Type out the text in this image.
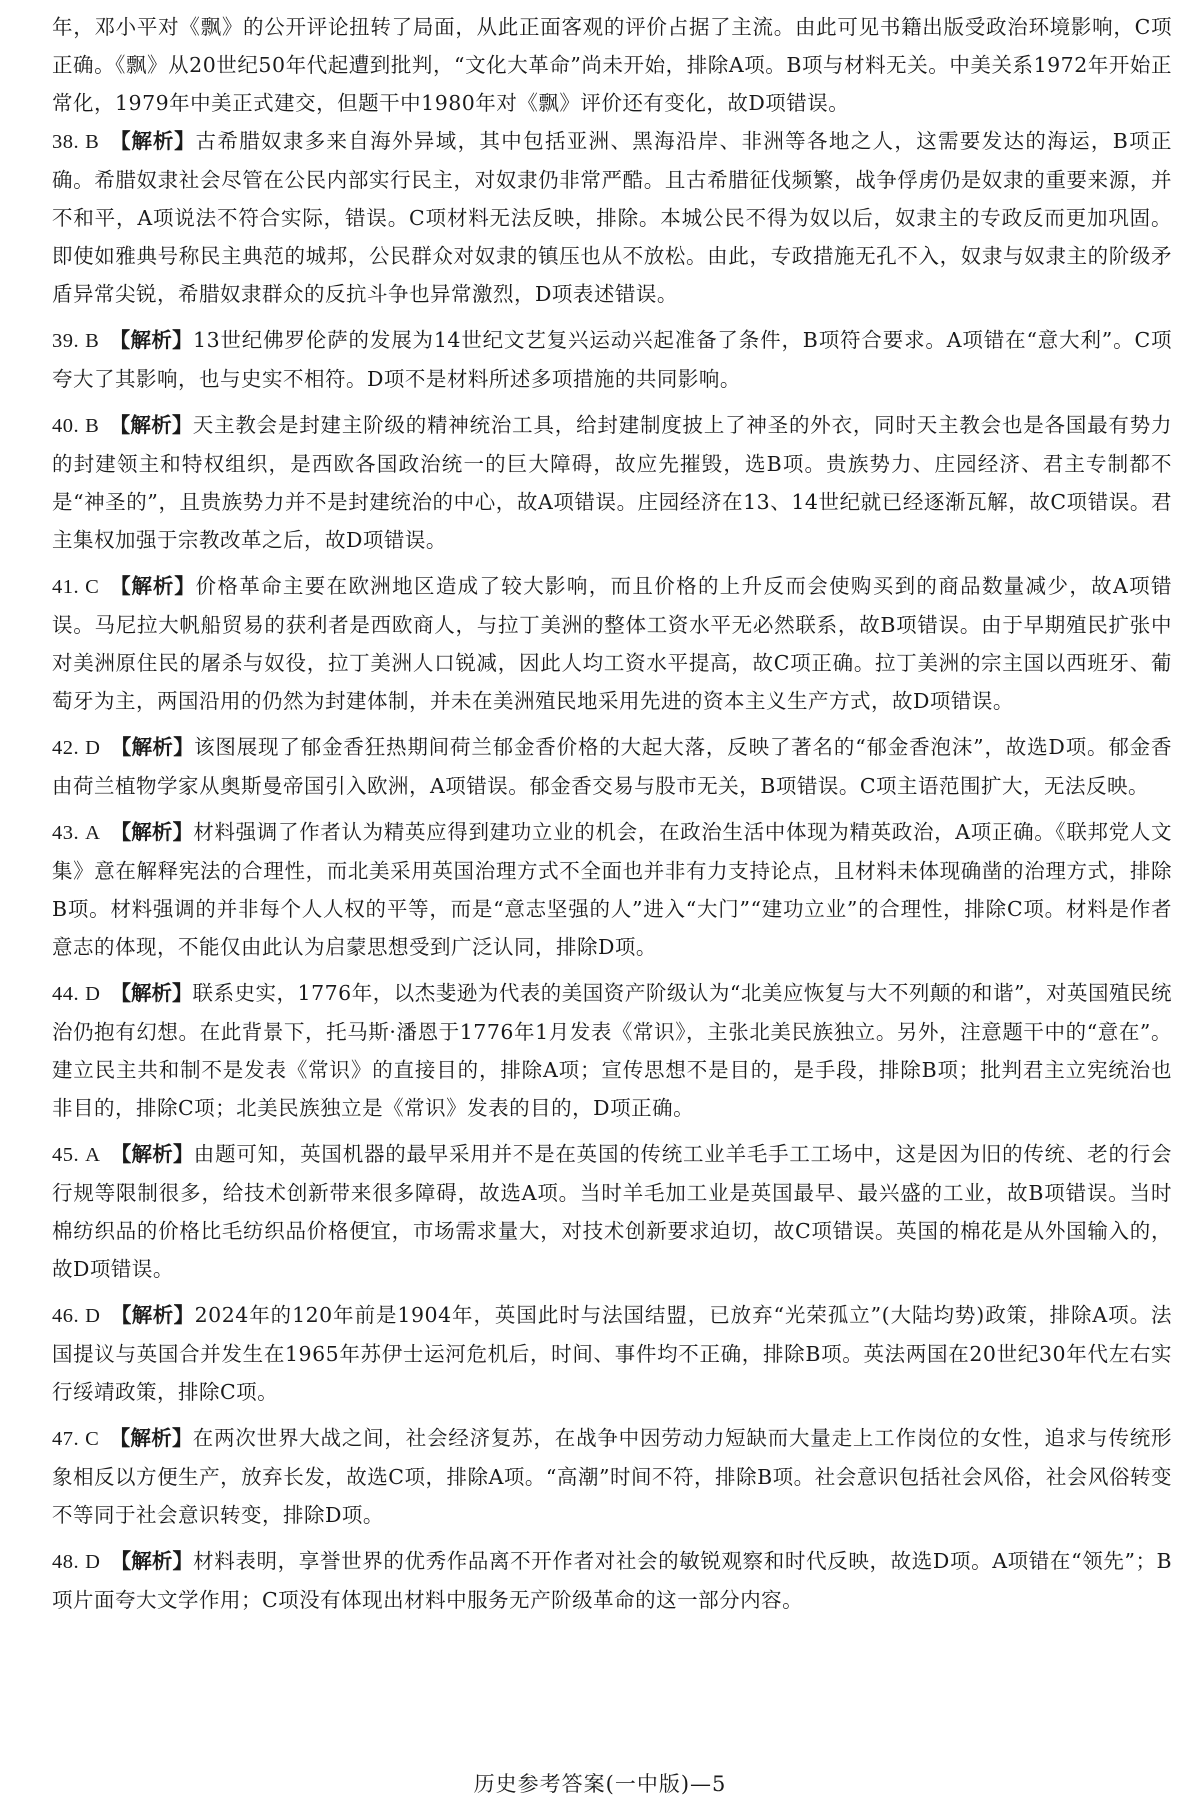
年，邓小平对《飘》的公开评论扭转了局面，从此正面客观的评价占据了主流。由此可见书籍出版受政治环境影响，C项正确。《飘》从20世纪50年代起遭到批判，“文化大革命”尚未开始，排除A项。B项与材料无关。中美关系1972年开始正常化，1979年中美正式建交，但题干中1980年对《飘》评价还有变化，故D项错误。

38. B 【解析】古希腊奴隶多来自海外异域，其中包括亚洲、黑海沿岸、非洲等各地之人，这需要发达的海运，B项正确。希腊奴隶社会尽管在公民内部实行民主，对奴隶仍非常严酷。且古希腊征伐频繁，战争俘虏仍是奴隶的重要来源，并不和平，A项说法不符合实际，错误。C项材料无法反映，排除。本城公民不得为奴以后，奴隶主的专政反而更加巩固。即使如雅典号称民主典范的城邦，公民群众对奴隶的镇压也从不放松。由此，专政措施无孔不入，奴隶与奴隶主的阶级矛盾异常尖锐，希腊奴隶群众的反抗斗争也异常激烈，D项表述错误。

39. B 【解析】13世纪佛罗伦萨的发展为14世纪文艺复兴运动兴起准备了条件，B项符合要求。A项错在“意大利”。C项夸大了其影响，也与史实不相符。D项不是材料所述多项措施的共同影响。

40. B 【解析】天主教会是封建主阶级的精神统治工具，给封建制度披上了神圣的外衣，同时天主教会也是各国最有势力的封建领主和特权组织，是西欧各国政治统一的巨大障碍，故应先摧毁，选B项。贵族势力、庄园经济、君主专制都不是“神圣的”，且贵族势力并不是封建统治的中心，故A项错误。庄园经济在13、14世纪就已经逐渐瓦解，故C项错误。君主集权加强于宗教改革之后，故D项错误。

41. C 【解析】价格革命主要在欧洲地区造成了较大影响，而且价格的上升反而会使购买到的商品数量减少，故A项错误。马尼拉大帆船贸易的获利者是西欧商人，与拉丁美洲的整体工资水平无必然联系，故B项错误。由于早期殖民扩张中对美洲原住民的屠杀与奴役，拉丁美洲人口锐减，因此人均工资水平提高，故C项正确。拉丁美洲的宗主国以西班牙、葡萄牙为主，两国沿用的仍然为封建体制，并未在美洲殖民地采用先进的资本主义生产方式，故D项错误。

42. D 【解析】该图展现了郁金香狂热期间荷兰郁金香价格的大起大落，反映了著名的“郁金香泡沫”，故选D项。郁金香由荷兰植物学家从奥斯曼帝国引入欧洲，A项错误。郁金香交易与股市无关，B项错误。C项主语范围扩大，无法反映。

43. A 【解析】材料强调了作者认为精英应得到建功立业的机会，在政治生活中体现为精英政治，A项正确。《联邦党人文集》意在解释宪法的合理性，而北美采用英国治理方式不全面也并非有力支持论点，且材料未体现确凿的治理方式，排除B项。材料强调的并非每个人人权的平等，而是“意志坚强的人”进入“大门”“建功立业”的合理性，排除C项。材料是作者意志的体现，不能仅由此认为启蒙思想受到广泛认同，排除D项。

44. D 【解析】联系史实，1776年，以杰斐逊为代表的美国资产阶级认为“北美应恢复与大不列颠的和谐”，对英国殖民统治仍抱有幻想。在此背景下，托马斯·潘恩于1776年1月发表《常识》，主张北美民族独立。另外，注意题干中的“意在”。建立民主共和制不是发表《常识》的直接目的，排除A项；宣传思想不是目的，是手段，排除B项；批判君主立宪统治也非目的，排除C项；北美民族独立是《常识》发表的目的，D项正确。

45. A 【解析】由题可知，英国机器的最早采用并不是在英国的传统工业羊毛手工工场中，这是因为旧的传统、老的行会行规等限制很多，给技术创新带来很多障碍，故选A项。当时羊毛加工业是英国最早、最兴盛的工业，故B项错误。当时棉纺织品的价格比毛纺织品价格便宜，市场需求量大，对技术创新要求迫切，故C项错误。英国的棉花是从外国输入的，故D项错误。

46. D 【解析】2024年的120年前是1904年，英国此时与法国结盟，已放弃“光荣孤立”(大陆均势)政策，排除A项。法国提议与英国合并发生在1965年苏伊士运河危机后，时间、事件均不正确，排除B项。英法两国在20世纪30年代左右实行绥靖政策，排除C项。

47. C 【解析】在两次世界大战之间，社会经济复苏，在战争中因劳动力短缺而大量走上工作岗位的女性，追求与传统形象相反以方便生产，放弃长发，故选C项，排除A项。“高潮”时间不符，排除B项。社会意识包括社会风俗，社会风俗转变不等同于社会意识转变，排除D项。

48. D 【解析】材料表明，享誉世界的优秀作品离不开作者对社会的敏锐观察和时代反映，故选D项。A项错在“领先”；B项片面夸大文学作用；C项没有体现出材料中服务无产阶级革命的这一部分内容。

历史参考答案(一中版)—5
